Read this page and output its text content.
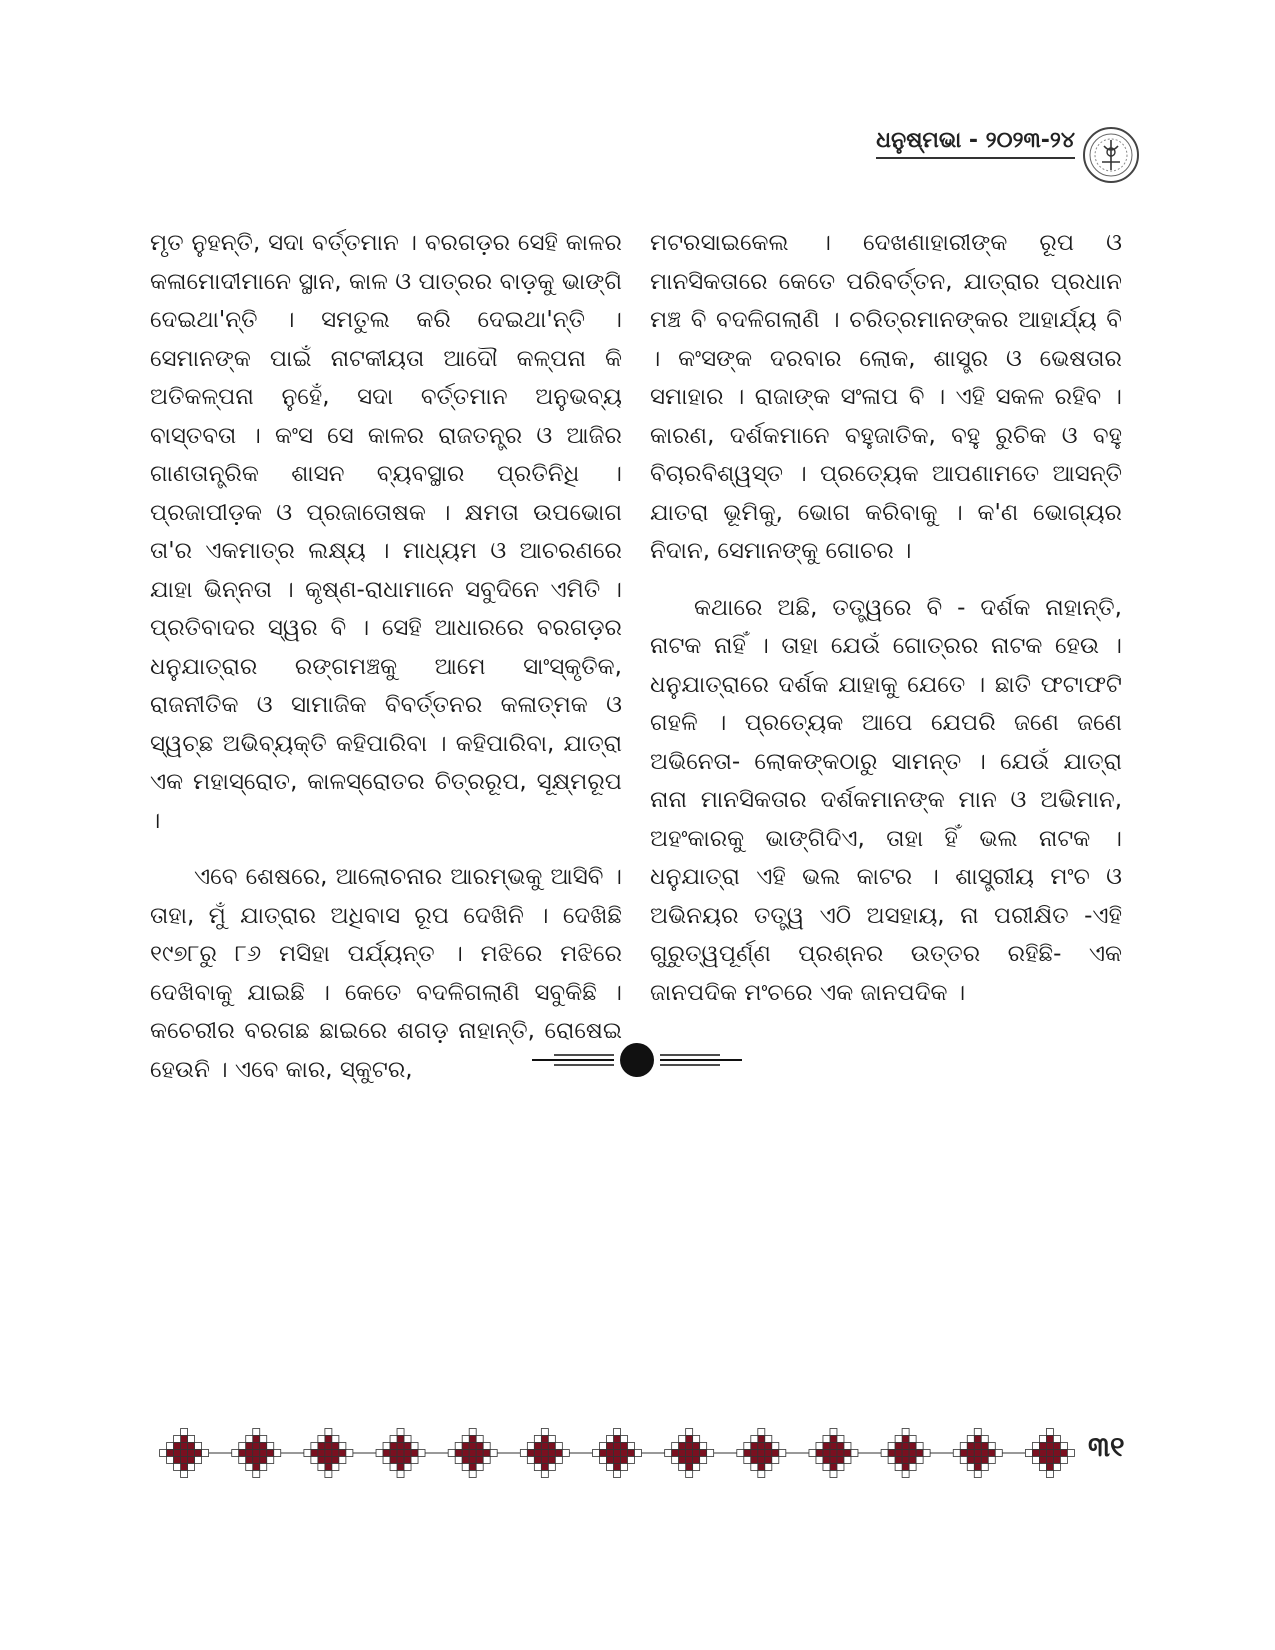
ଧନୁଷ୍ମଭା - ୨୦୨୩-୨୪

ମୃତ ନୁହନ୍ତି, ସଦା ବର୍ତ୍ତମାନ । ବରଗଡ଼ର ସେହି କାଳର କଳାମୋଦୀମାନେ ସ୍ଥାନ, କାଳ ଓ ପାତ୍ରର ବାଡ଼କୁ ଭାଙ୍ଗି ଦେଇଥା'ନ୍ତି । ସମତୁଲ କରି ଦେଇଥା'ନ୍ତି । ସେମାନଙ୍କ ପାଇଁ ନାଟକୀୟତା ଆଦୌ କଳ୍ପନା କି ଅତିକଳ୍ପନା ନୁହେଁ, ସଦା ବର୍ତ୍ତମାନ ଅନୁଭବ୍ୟ ବାସ୍ତବତା । କଂସ ସେ କାଳର ରାଜତନ୍ତ୍ର ଓ ଆଜିର ଗାଣତାନ୍ତ୍ରିକ ଶାସନ ବ୍ୟବସ୍ଥାର ପ୍ରତିନିଧି । ପ୍ରଜାପୀଡ଼କ ଓ ପ୍ରଜାତୋଷକ । କ୍ଷମତା ଉପଭୋଗ ତା'ର ଏକମାତ୍ର ଲକ୍ଷ୍ୟ । ମାଧ୍ୟମ ଓ ଆଚରଣରେ ଯାହା ଭିନ୍ନତା । କୃଷ୍ଣ-ରାଧାମାନେ ସବୁଦିନେ ଏମିତି । ପ୍ରତିବାଦର ସ୍ୱର ବି । ସେହି ଆଧାରରେ ବରଗଡ଼ର ଧନୁଯାତ୍ରାର ରଙ୍ଗମଞ୍ଚକୁ ଆମେ ସାଂସ୍କୃତିକ, ରାଜନୀତିକ ଓ ସାମାଜିକ ବିବର୍ତ୍ତନର କଳାତ୍ମକ ଓ ସ୍ୱଚ୍ଛ ଅଭିବ୍ୟକ୍ତି କହିପାରିବା । କହିପାରିବା, ଯାତ୍ରା ଏକ ମହାସ୍ରୋତ, କାଳସ୍ରୋତର ଚିତ୍ରରୂପ, ସୂକ୍ଷ୍ମରୂପ ।

ଏବେ ଶେଷରେ, ଆଲୋଚନାର ଆରମ୍ଭକୁ ଆସିବି । ତାହା, ମୁଁ ଯାତ୍ରାର ଅଧିବାସ ରୂପ ଦେଖିନି । ଦେଖିଛି ୧୯୭୮ରୁ ୮୬ ମସିହା ପର୍ଯ୍ୟନ୍ତ । ମଝିରେ ମଝିରେ ଦେଖିବାକୁ ଯାଇଛି । କେତେ ବଦଳିଗଲାଣି ସବୁକିଛି । କଚେରୀର ବରଗଛ ଛାଇରେ ଶଗଡ଼ ନାହାନ୍ତି, ରୋଷେଇ ହେଉନି । ଏବେ କାର, ସ୍କୁଟର,

ମଟରସାଇକେଲ । ଦେଖଣାହାରୀଙ୍କ ରୂପ ଓ ମାନସିକତାରେ କେତେ ପରିବର୍ତ୍ତନ, ଯାତ୍ରାର ପ୍ରଧାନ ମଞ୍ଚ ବି ବଦଳିଗଲାଣି । ଚରିତ୍ରମାନଙ୍କର ଆହାର୍ଯ୍ୟ ବି । କଂସଙ୍କ ଦରବାର ଲୋକ, ଶାସ୍ତ୍ର ଓ ଭେଷତାର ସମାହାର । ରାଜାଙ୍କ ସଂଳାପ ବି । ଏହି ସକଳ ରହିବ । କାରଣ, ଦର୍ଶକମାନେ ବହୁଜାତିକ, ବହୁ ରୁଚିକ ଓ ବହୁ ବିଚାରବିଶ୍ୱସ୍ତ । ପ୍ରତ୍ୟେକ ଆପଣାମତେ ଆସନ୍ତି ଯାତରା ଭୂମିକୁ, ଭୋଗ କରିବାକୁ । କ'ଣ ଭୋଗ୍ୟର ନିଦାନ, ସେମାନଙ୍କୁ ଗୋଚର ।

କଥାରେ ଅଛି, ତତ୍ତ୍ୱରେ ବି - ଦର୍ଶକ ନାହାନ୍ତି, ନାଟକ ନାହିଁ । ତାହା ଯେଉଁ ଗୋତ୍ରର ନାଟକ ହେଉ । ଧନୁଯାତ୍ରାରେ ଦର୍ଶକ ଯାହାକୁ ଯେତେ । ଛାତି ଫଟାଫଟି ଗହଳି । ପ୍ରତ୍ୟେକ ଆପେ ଯେପରି ଜଣେ ଜଣେ ଅଭିନେତା- ଲୋକଙ୍କଠାରୁ ସାମନ୍ତ । ଯେଉଁ ଯାତ୍ରା ନାନା ମାନସିକତାର ଦର୍ଶକମାନଙ୍କ ମାନ ଓ ଅଭିମାନ, ଅହଂକାରକୁ ଭାଙ୍ଗିଦିଏ, ତାହା ହିଁ ଭଲ ନାଟକ । ଧନୁଯାତ୍ରା ଏହି ଭଲ କାଟର । ଶାସ୍ତ୍ରୀୟ ମଂଚ ଓ ଅଭିନୟର ତତ୍ତ୍ୱ ଏଠି ଅସହାୟ, ନା ପରୀକ୍ଷିତ -ଏହି ଗୁରୁତ୍ୱପୂର୍ଣ୍ଣ ପ୍ରଶ୍ନର ଉତ୍ତର ରହିଛି- ଏକ ଜାନପଦିକ ମଂଚରେ ଏକ ଜାନପଦିକ ।

୩୧
